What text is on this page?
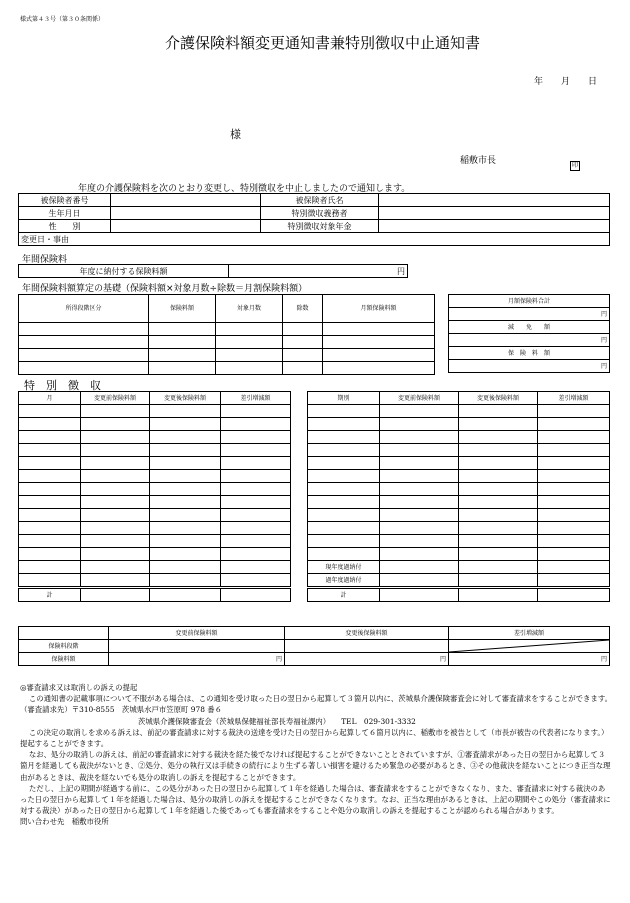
様式第４３号（第３０条関係）
介護保険料額変更通知書兼特別徴収中止通知書
年　　月　　日
様
稲敷市長	印
年度の介護保険料を次のとおり変更し、特別徴収を中止しましたので通知します。
被保険者番号		被保険者氏名	
生年月日		特別徴収義務者	
性　　別		特別徴収対象年金	
変更日・事由			
年間保険料
年度に納付する保険料額	円
年間保険料額算定の基礎（保険料額×対象月数÷除数＝月割保険料額）
所得段階区分	保険料額	対象月数	除数	月額保険料額

月額保険料合計
円
減　　免　　額
円
保　険　料　額
円
特　別　徴　収
月	変更前保険料額	変更後保険料額	差引増減額

計			
期別	変更前保険料額	変更後保険料額	差引増減額

現年度過納付			
過年度過納付			
計			
	変更前保険料額	変更後保険料額	差引増減額
保険料段階			

保険料額	円	円	円

◎審査請求又は取消しの訴えの提起

この通知書の記載事項について不服がある場合は、この通知を受け取った日の翌日から起算して３箇月以内に、茨城県介護保険審査会に対して審査請求をすることができます。

（審査請求先）〒310-8555　茨城県水戸市笠原町 978 番６

茨城県介護保険審査会（茨城県保健福祉部長寿福祉課内）　　TEL　029-301-3332

この決定の取消しを求める訴えは、前記の審査請求に対する裁決の送達を受けた日の翌日から起算して６箇月以内に、稲敷市を被告として（市長が被告の代表者になります。）提起することができます。

なお、処分の取消しの訴えは、前記の審査請求に対する裁決を経た後でなければ提起することができないこととされていますが、①審査請求があった日の翌日から起算して３箇月を経過しても裁決がないとき、②処分、処分の執行又は手続きの続行により生ずる著しい損害を避けるため緊急の必要があるとき、③その他裁決を経ないことにつき正当な理由があるときは、裁決を経ないでも処分の取消しの訴えを提起することができます。

ただし、上記の期間が経過する前に、この処分があった日の翌日から起算して１年を経過した場合は、審査請求をすることができなくなり、また、審査請求に対する裁決のあった日の翌日から起算して１年を経過した場合は、処分の取消しの訴えを提起することができなくなります。なお、正当な理由があるときは、上記の期間やこの処分（審査請求に対する裁決）があった日の翌日から起算して１年を経過した後であっても審査請求をすることや処分の取消しの訴えを提起することが認められる場合があります。

問い合わせ先　稲敷市役所
